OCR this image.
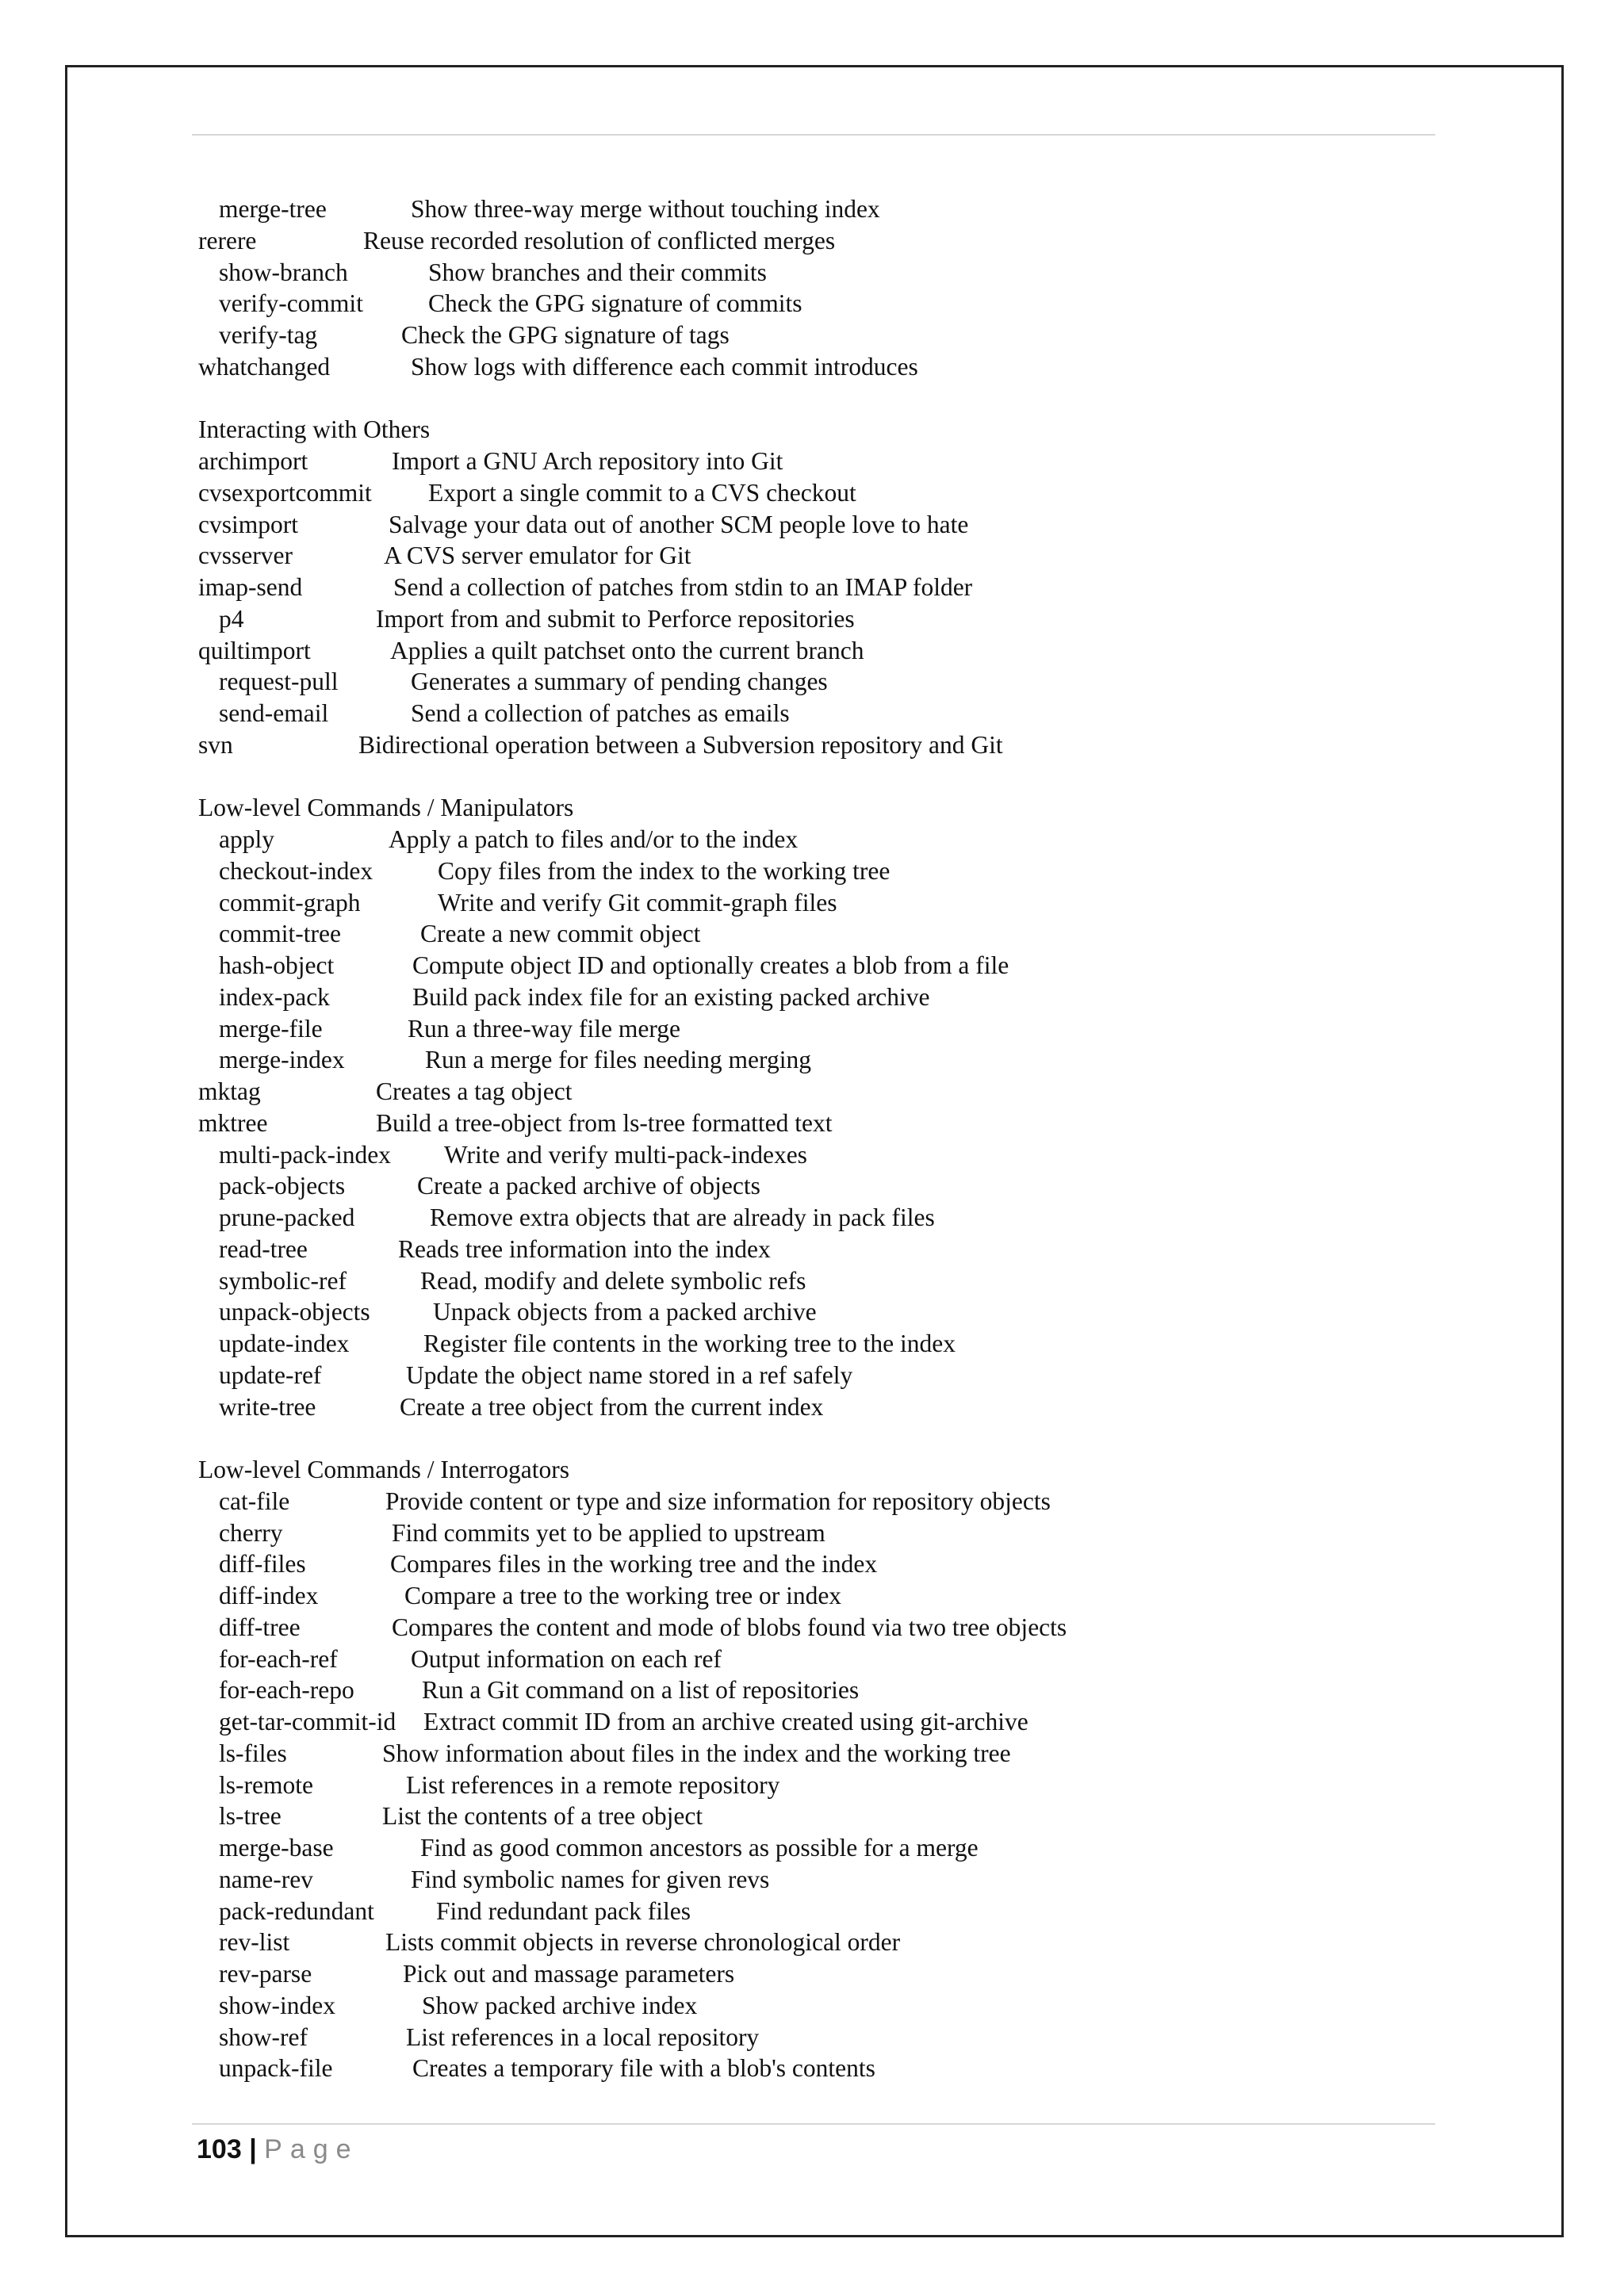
merge-tree	Show three-way merge without touching index
rerere	Reuse recorded resolution of conflicted merges
show-branch	Show branches and their commits
verify-commit	Check the GPG signature of commits
verify-tag	Check the GPG signature of tags
whatchanged	Show logs with difference each commit introduces
Interacting with Others
archimport	Import a GNU Arch repository into Git
cvsexportcommit Export a single commit to a CVS checkout
cvsimport	Salvage your data out of another SCM people love to hate
cvsserver	A CVS server emulator for Git
imap-send	Send a collection of patches from stdin to an IMAP folder
p4	Import from and submit to Perforce repositories
quiltimport	Applies a quilt patchset onto the current branch
request-pull	Generates a summary of pending changes
send-email	Send a collection of patches as emails
svn	Bidirectional operation between a Subversion repository and Git
Low-level Commands / Manipulators
apply	Apply a patch to files and/or to the index
checkout-index	Copy files from the index to the working tree
commit-graph	Write and verify Git commit-graph files
commit-tree	Create a new commit object
hash-object	Compute object ID and optionally creates a blob from a file
index-pack	Build pack index file for an existing packed archive
merge-file	Run a three-way file merge
merge-index	Run a merge for files needing merging
mktag	Creates a tag object
mktree	Build a tree-object from ls-tree formatted text
multi-pack-index Write and verify multi-pack-indexes
pack-objects	Create a packed archive of objects
prune-packed	Remove extra objects that are already in pack files
read-tree	Reads tree information into the index
symbolic-ref	Read, modify and delete symbolic refs
unpack-objects	Unpack objects from a packed archive
update-index	Register file contents in the working tree to the index
update-ref	Update the object name stored in a ref safely
write-tree	Create a tree object from the current index
Low-level Commands / Interrogators
cat-file	Provide content or type and size information for repository objects
cherry	Find commits yet to be applied to upstream
diff-files	Compares files in the working tree and the index
diff-index	Compare a tree to the working tree or index
diff-tree	Compares the content and mode of blobs found via two tree objects
for-each-ref	Output information on each ref
for-each-repo	Run a Git command on a list of repositories
get-tar-commit-id Extract commit ID from an archive created using git-archive
ls-files	Show information about files in the index and the working tree
ls-remote	List references in a remote repository
ls-tree	List the contents of a tree object
merge-base	Find as good common ancestors as possible for a merge
name-rev	Find symbolic names for given revs
pack-redundant Find redundant pack files
rev-list	Lists commit objects in reverse chronological order
rev-parse	Pick out and massage parameters
show-index	Show packed archive index
show-ref	List references in a local repository
unpack-file	Creates a temporary file with a blob's contents
103 | Page
